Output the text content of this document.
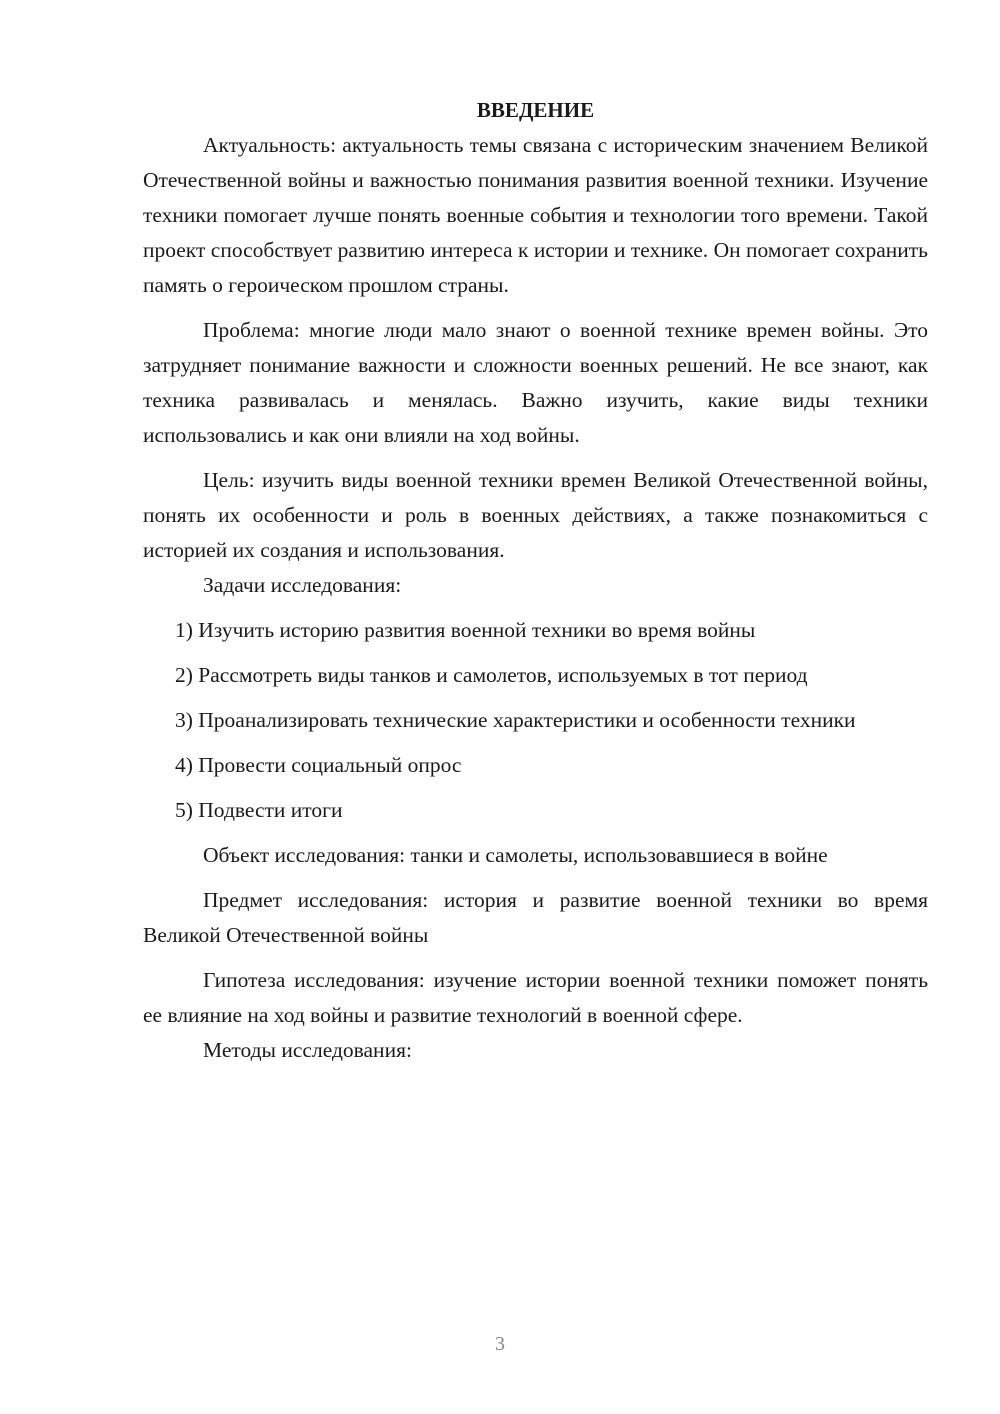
ВВЕДЕНИЕ

Актуальность: актуальность темы связана с историческим значением Великой Отечественной войны и важностью понимания развития военной техники. Изучение техники помогает лучше понять военные события и технологии того времени. Такой проект способствует развитию интереса к истории и технике. Он помогает сохранить память о героическом прошлом страны.

Проблема: многие люди мало знают о военной технике времен войны. Это затрудняет понимание важности и сложности военных решений. Не все знают, как техника развивалась и менялась. Важно изучить, какие виды техники использовались и как они влияли на ход войны.

Цель: изучить виды военной техники времен Великой Отечественной войны, понять их особенности и роль в военных действиях, а также познакомиться с историей их создания и использования.

Задачи исследования:

1) Изучить историю развития военной техники во время войны

2) Рассмотреть виды танков и самолетов, используемых в тот период

3) Проанализировать технические характеристики и особенности техники

4) Провести социальный опрос

5) Подвести итоги

Объект исследования: танки и самолеты, использовавшиеся в войне

Предмет исследования: история и развитие военной техники во время Великой Отечественной войны

Гипотеза исследования: изучение истории военной техники поможет понять ее влияние на ход войны и развитие технологий в военной сфере.

Методы исследования:

3
